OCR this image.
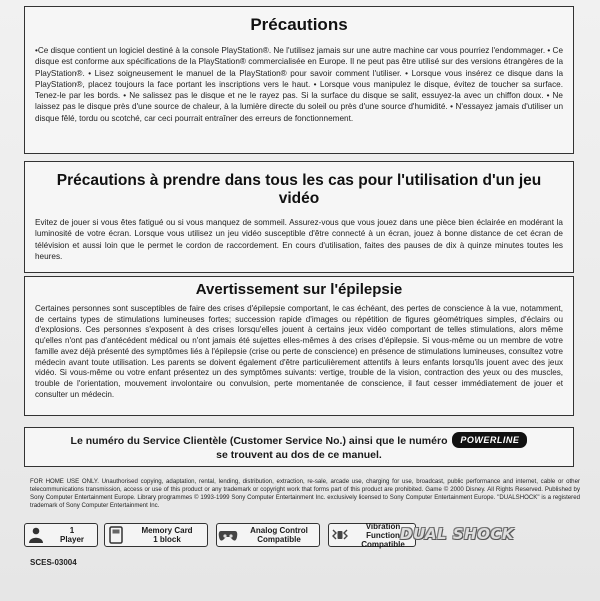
Précautions

•Ce disque contient un logiciel destiné à la console PlayStation®. Ne l'utilisez jamais sur une autre machine car vous pourriez l'endommager. • Ce disque est conforme aux spécifications de la PlayStation® commercialisée en Europe. Il ne peut pas être utilisé sur des versions étrangères de la PlayStation®. • Lisez soigneusement le manuel de la PlayStation® pour savoir comment l'utiliser. • Lorsque vous insérez ce disque dans la PlayStation®, placez toujours la face portant les inscriptions vers le haut. • Lorsque vous manipulez le disque, évitez de toucher sa surface. Tenez-le par les bords. • Ne salissez pas le disque et ne le rayez pas. Si la surface du disque se salit, essuyez-la avec un chiffon doux. • Ne laissez pas le disque près d'une source de chaleur, à la lumière directe du soleil ou près d'une source d'humidité. • N'essayez jamais d'utiliser un disque fêlé, tordu ou scotché, car ceci pourrait entraîner des erreurs de fonctionnement.

Précautions à prendre dans tous les cas pour l'utilisation d'un jeu vidéo

Evitez de jouer si vous êtes fatigué ou si vous manquez de sommeil. Assurez-vous que vous jouez dans une pièce bien éclairée en modérant la luminosité de votre écran. Lorsque vous utilisez un jeu vidéo susceptible d'être connecté à un écran, jouez à bonne distance de cet écran de télévision et aussi loin que le permet le cordon de raccordement. En cours d'utilisation, faites des pauses de dix à quinze minutes toutes les heures.

Avertissement sur l'épilepsie

Certaines personnes sont susceptibles de faire des crises d'épilepsie comportant, le cas échéant, des pertes de conscience à la vue, notamment, de certains types de stimulations lumineuses fortes; succession rapide d'images ou répétition de figures géométriques simples, d'éclairs ou d'explosions. Ces personnes s'exposent à des crises lorsqu'elles jouent à certains jeux vidéo comportant de telles stimulations, alors même qu'elles n'ont pas d'antécédent médical ou n'ont jamais été sujettes elles-mêmes à des crises d'épilepsie. Si vous-même ou un membre de votre famille avez déjà présenté des symptômes liés à l'épilepsie (crise ou perte de conscience) en présence de stimulations lumineuses, consultez votre médecin avant toute utilisation. Les parents se doivent également d'être particulièrement attentifs à leurs enfants lorsqu'ils jouent avec des jeux vidéo. Si vous-même ou votre enfant présentez un des symptômes suivants: vertige, trouble de la vision, contraction des yeux ou des muscles, trouble de l'orientation, mouvement involontaire ou convulsion, perte momentanée de conscience, il faut cesser immédiatement de jouer et consulter un médecin.

Le numéro du Service Clientèle (Customer Service No.) ainsi que le numéro POWERLINE
se trouvent au dos de ce manuel.

FOR HOME USE ONLY. Unauthorised copying, adaptation, rental, lending, distribution, extraction, re-sale, arcade use, charging for use, broadcast, public performance and internet, cable or other telecommunications transmission, access or use of this product or any trademark or copyright work that forms part of this product are prohibited. Game © 2000 Disney. All Rights Reserved. Published by Sony Computer Entertainment Europe. Library programmes © 1993-1999 Sony Computer Entertainment Inc. exclusively licensed to Sony Computer Entertainment Europe. "DUALSHOCK" is a registered trademark of Sony Computer Entertainment Inc.

1
Player
Memory Card
1 block
Analog Control
Compatible
Vibration Function
Compatible
DUAL SHOCK
SCES-03004
